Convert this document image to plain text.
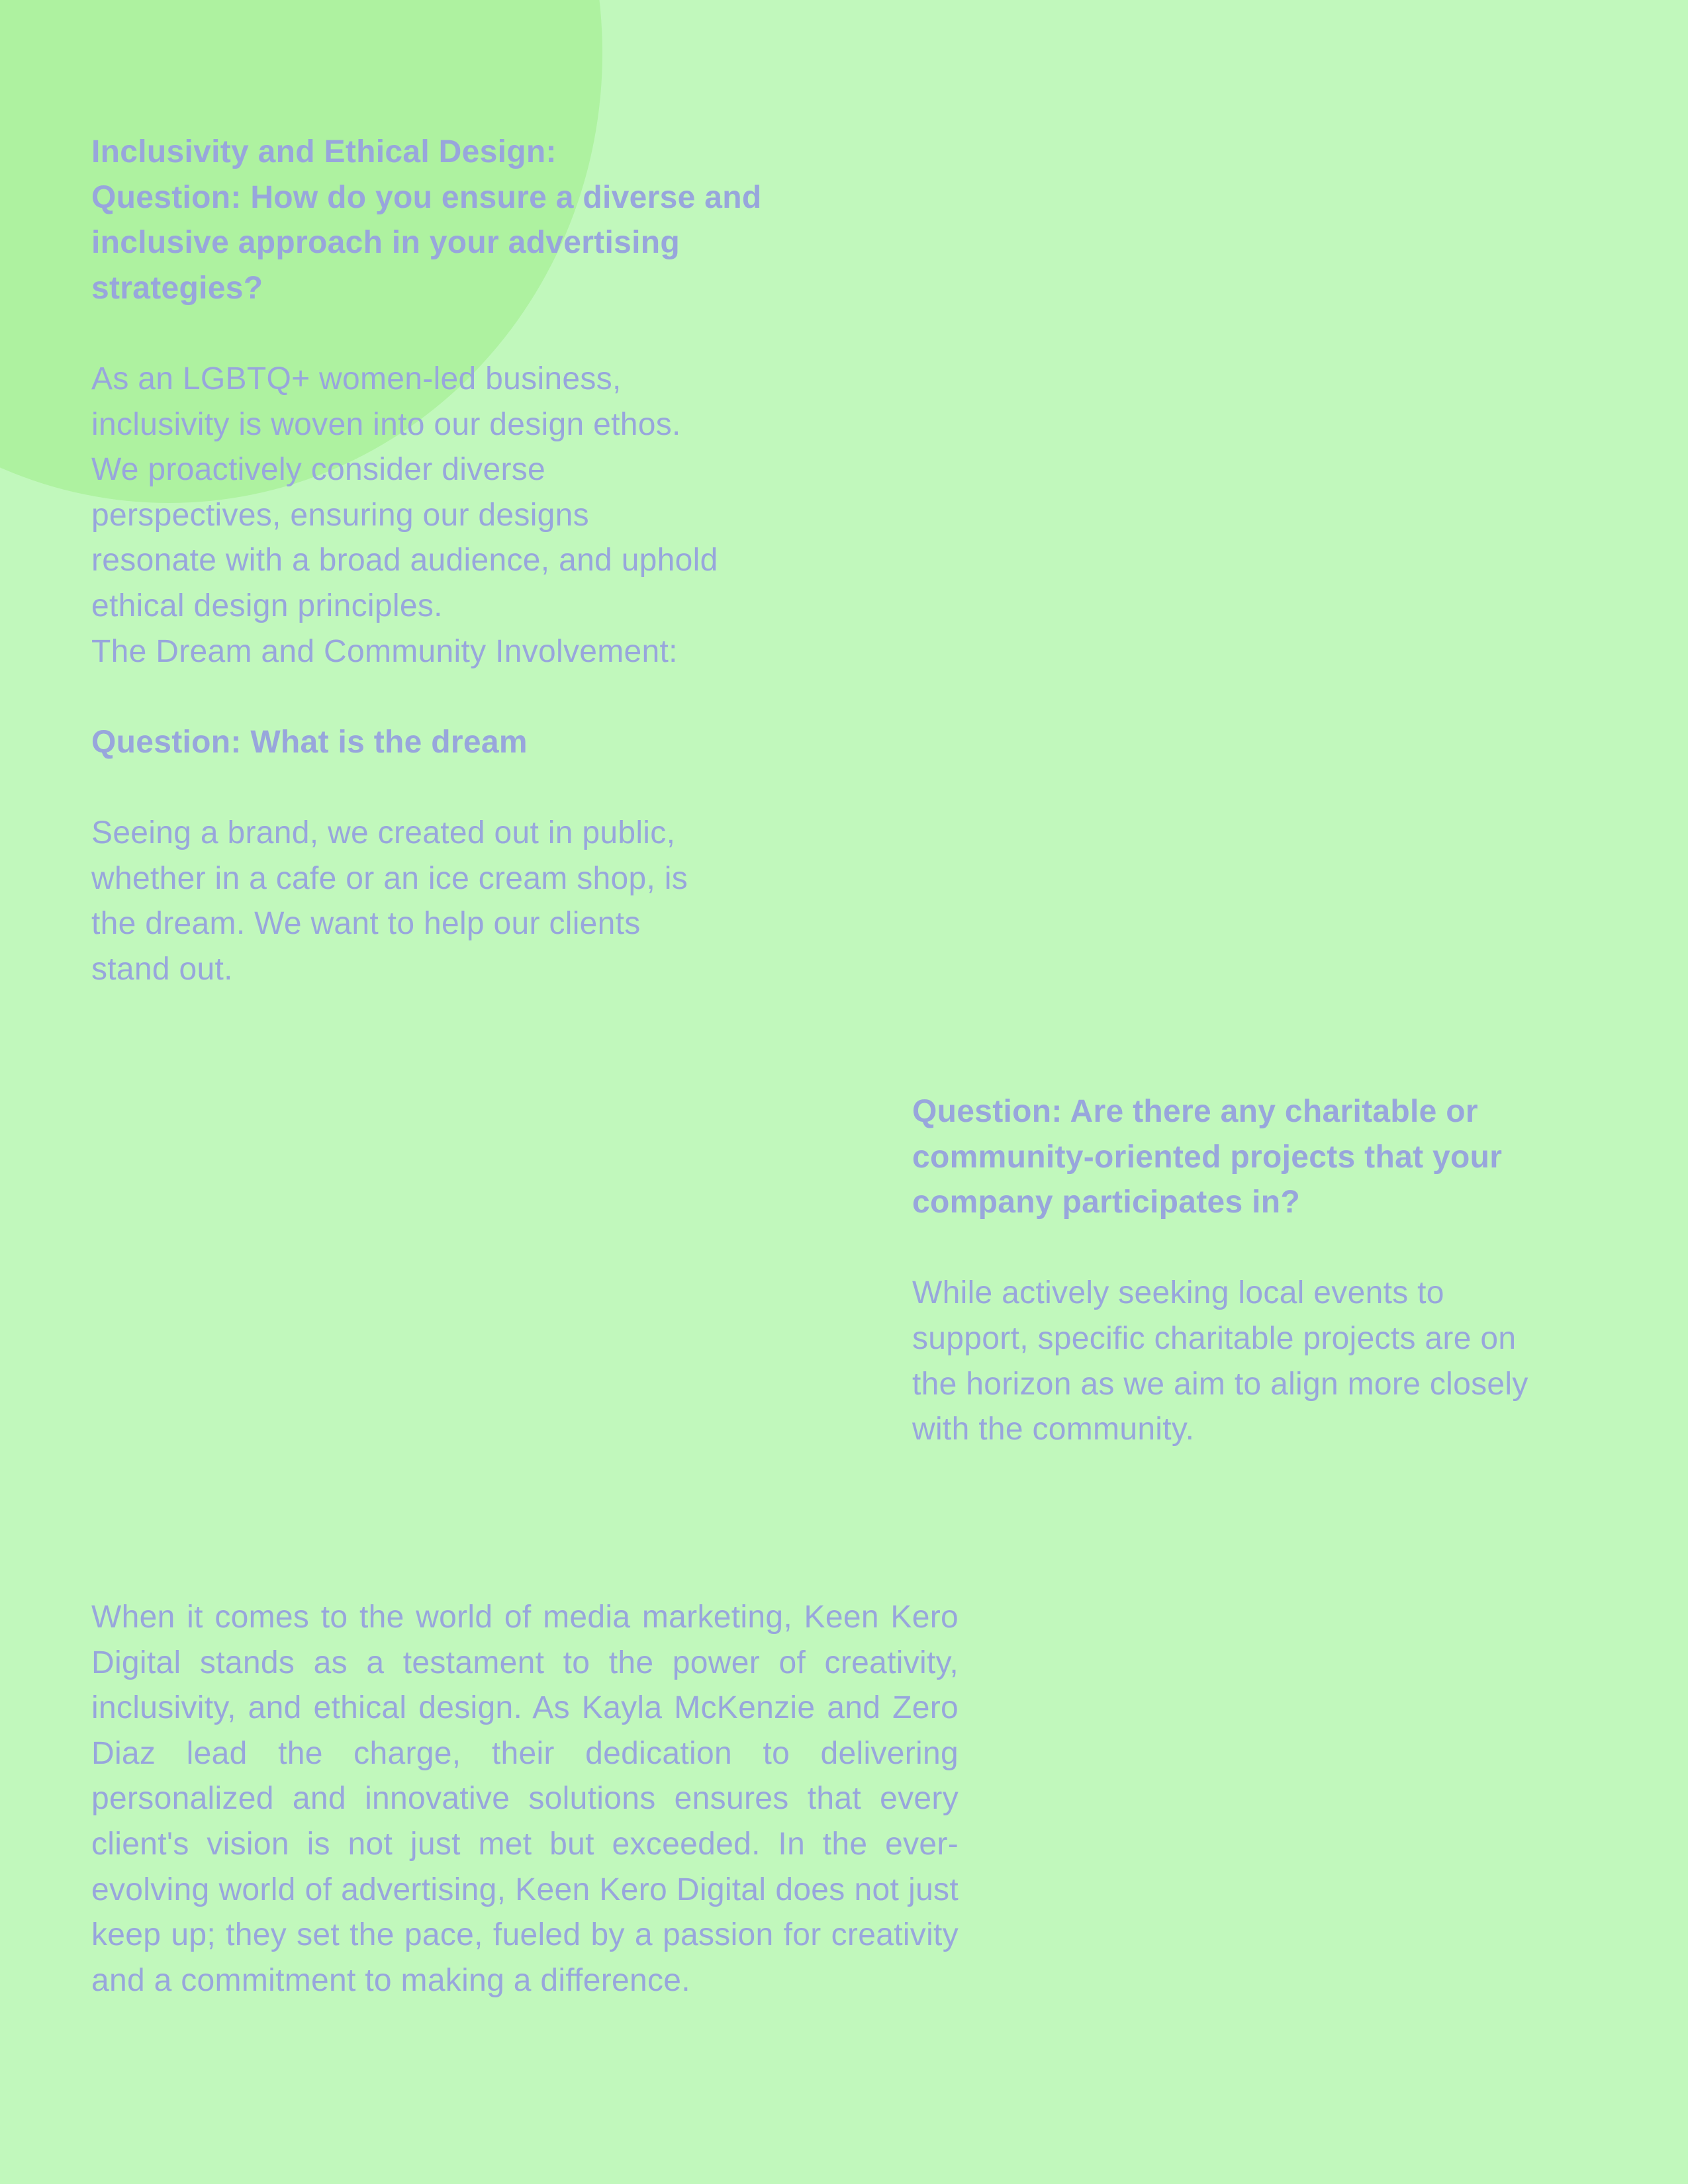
Inclusivity and Ethical Design:

Question: How do you ensure a diverse and
inclusive approach in your advertising
strategies?

As an LGBTQ+ women-led business,
inclusivity is woven into our design ethos.
We proactively consider diverse
perspectives, ensuring our designs
resonate with a broad audience, and uphold
ethical design principles.

The Dream and Community Involvement:

Question: What is the dream

Seeing a brand, we created out in public,
whether in a cafe or an ice cream shop, is
the dream. We want to help our clients
stand out.

Question: Are there any charitable or
community-oriented projects that your
company participates in?

While actively seeking local events to
support, specific charitable projects are on
the horizon as we aim to align more closely
with the community.

When it comes to the world of media marketing, Keen Kero Digital stands as a testament to the power of creativity, inclusivity, and ethical design. As Kayla McKenzie and Zero Diaz lead the charge, their dedication to delivering personalized and innovative solutions ensures that every client's vision is not just met but exceeded. In the ever-evolving world of advertising, Keen Kero Digital does not just keep up; they set the pace, fueled by a passion for creativity and a commitment to making a difference.
